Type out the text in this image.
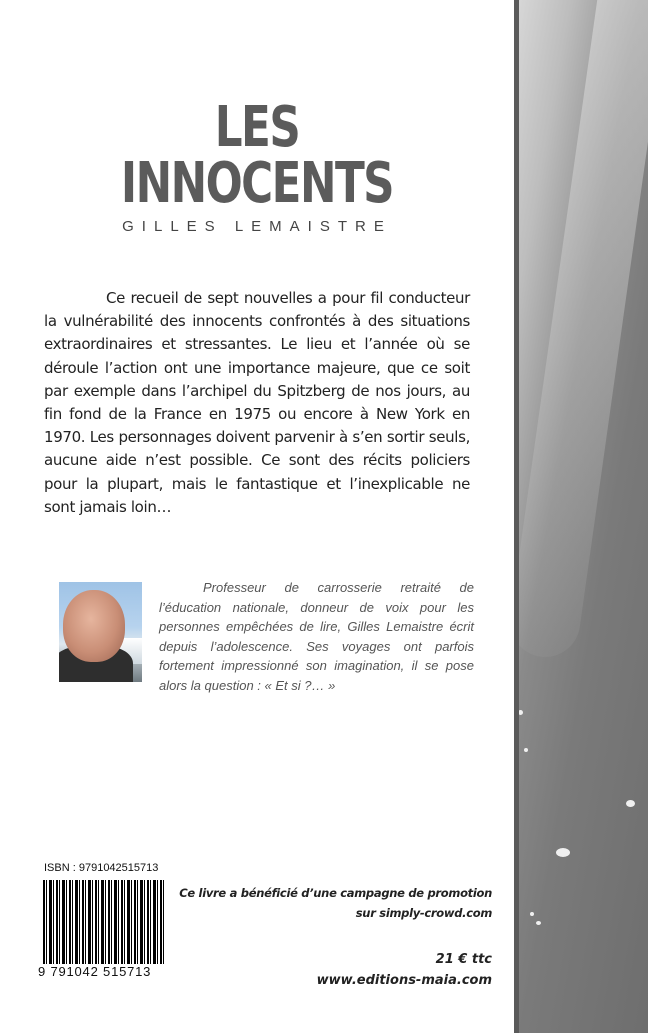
LES
INNOCENTS
GILLES LEMAISTRE

Ce recueil de sept nouvelles a pour fil conducteur la vulnérabilité des innocents confrontés à des situations extraordinaires et stressantes. Le lieu et l’année où se déroule l’action ont une importance majeure, que ce soit par exemple dans l’archipel du Spitzberg de nos jours, au fin fond de la France en 1975 ou encore à New York en 1970. Les personnages doivent parvenir à s’en sortir seuls, aucune aide n’est possible. Ce sont des récits policiers pour la plupart, mais le fantastique et l’inexplicable ne sont jamais loin…

Professeur de carrosserie retraité de l’éducation nationale, donneur de voix pour les personnes empêchées de lire, Gilles Lemaistre écrit depuis l’adolescence. Ses voyages ont parfois fortement impressionné son imagination, il se pose alors la question : « Et si ?… »

ISBN : 9791042515713
9 791042 515713
Ce livre a bénéficié d’une campagne de promotion
sur simply-crowd.com
21 € ttc
www.editions-maia.com
